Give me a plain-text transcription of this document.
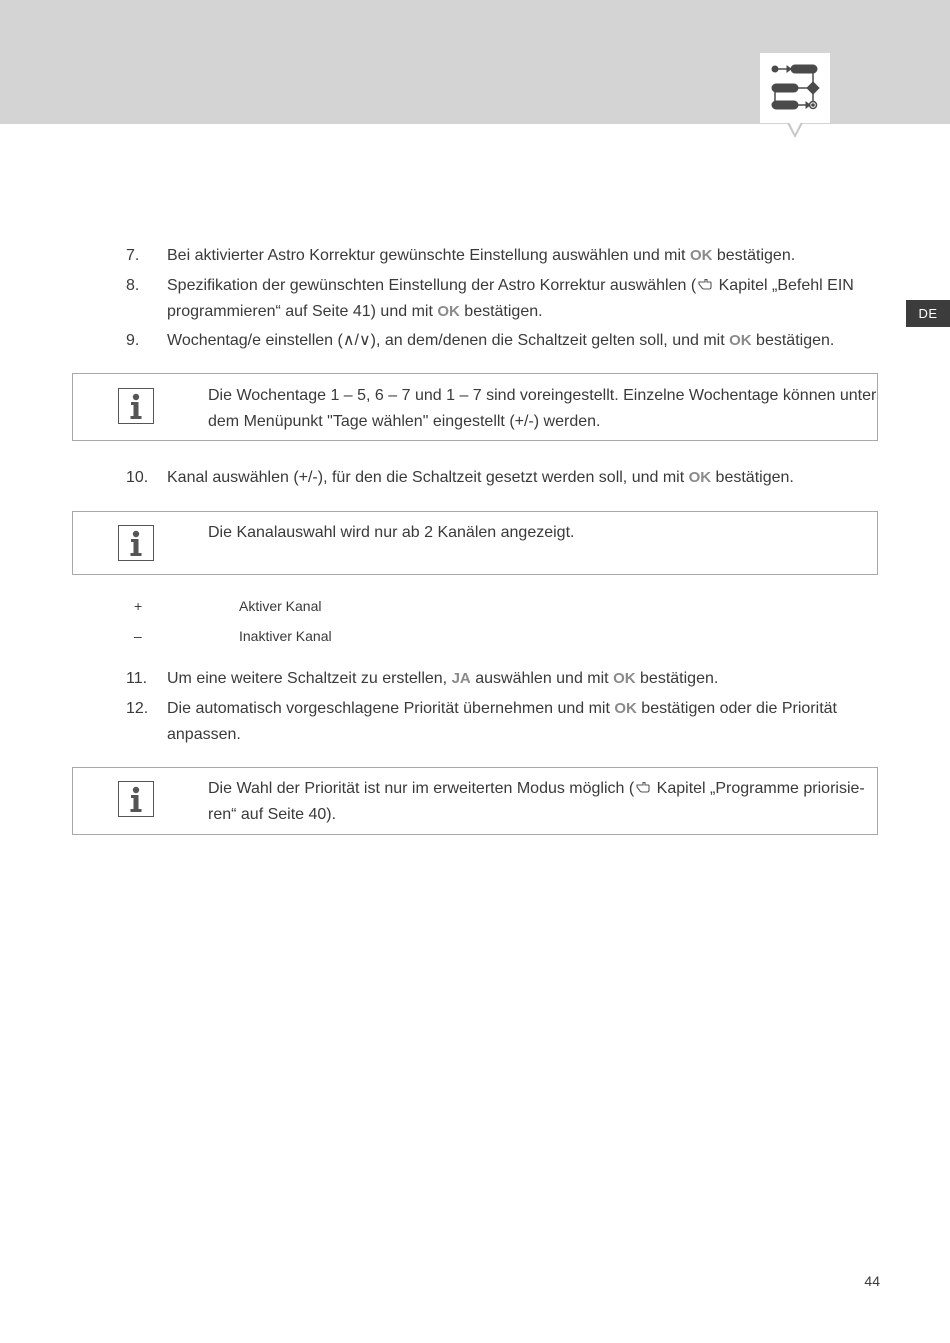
DE
7.	Bei aktivierter Astro Korrektur gewünschte Einstellung auswählen und mit OK bestätigen.
8.	Spezifikation der gewünschten Einstellung der Astro Korrektur auswählen ( Kapitel „Befehl EIN
programmieren“ auf Seite 41) und mit OK bestätigen.
9.	Wochentag/e einstellen (∧/∨), an dem/denen die Schaltzeit gelten soll, und mit OK bestätigen.
Die Wochentage 1 – 5, 6 – 7 und 1 – 7 sind voreingestellt. Einzelne Wochentage können unter
dem Menüpunkt "Tage wählen" eingestellt (+/-) werden.
10.	Kanal auswählen (+/-), für den die Schaltzeit gesetzt werden soll, und mit OK bestätigen.
Die Kanalauswahl wird nur ab 2 Kanälen angezeigt.
+	Aktiver Kanal
–	Inaktiver Kanal
11.	Um eine weitere Schaltzeit zu erstellen, JA auswählen und mit OK bestätigen.
12.	Die automatisch vorgeschlagene Priorität übernehmen und mit OK bestätigen oder die Priorität
anpassen.
Die Wahl der Priorität ist nur im erweiterten Modus möglich ( Kapitel „Programme priorisie-
ren“ auf Seite 40).
44
